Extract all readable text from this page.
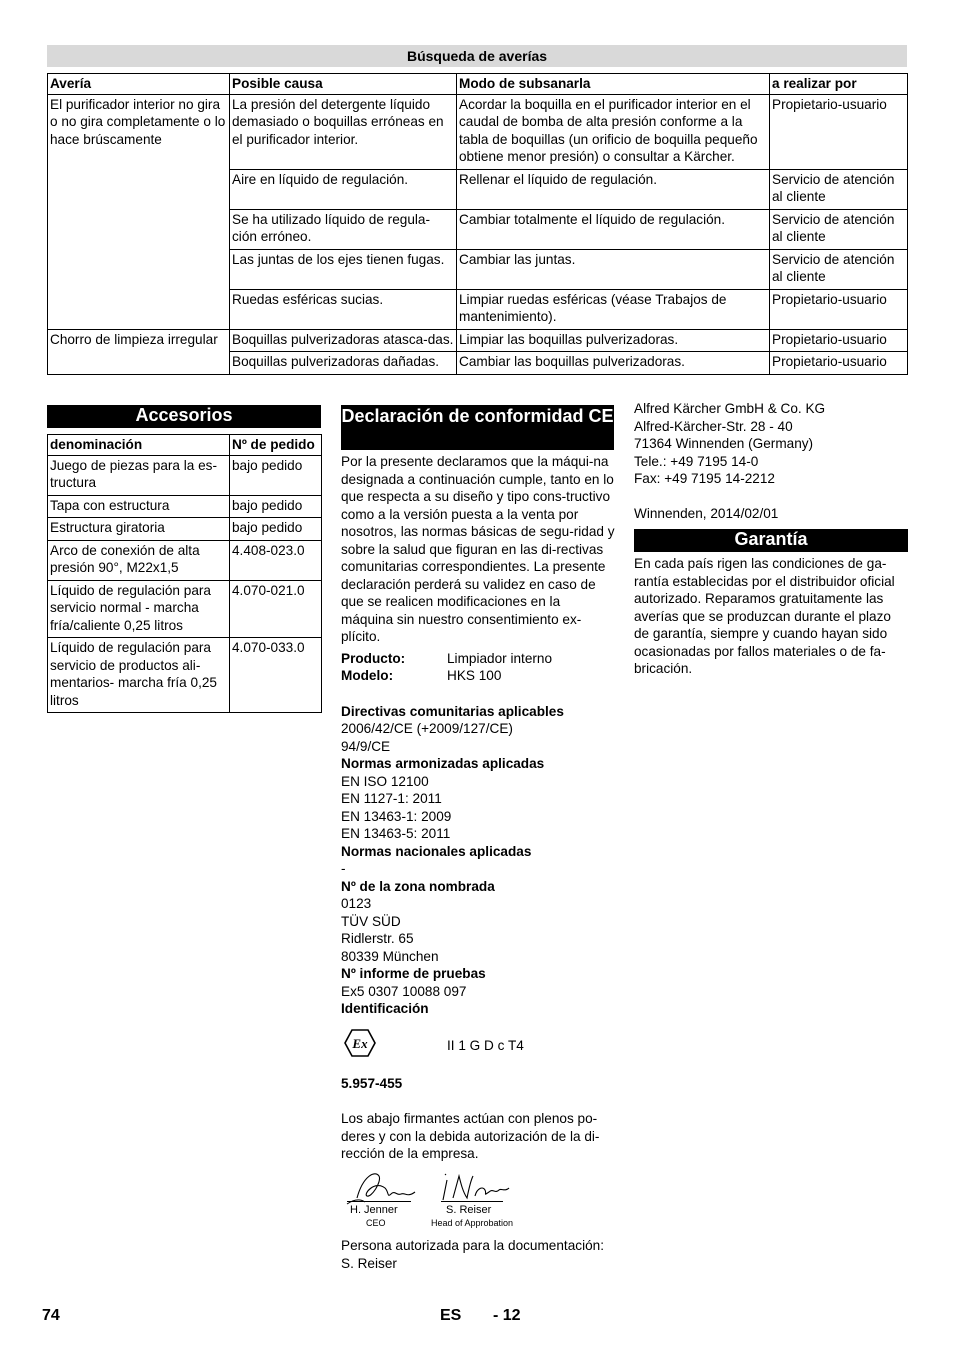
Búsqueda de averías
Avería	Posible causa	Modo de subsanarla	a realizar por
El purificador interior no gira o no gira completamente o lo hace brúscamente	La presión del detergente líquido demasiado o boquillas erróneas en el purificador interior.	Acordar la boquilla en el purificador interior en el caudal de bomba de alta presión conforme a la tabla de boquillas (un orificio de boquilla pequeño obtiene menor presión) o consultar a Kärcher.	Propietario-usuario
	Aire en líquido de regulación.	Rellenar el líquido de regulación.	Servicio de atención al cliente
	Se ha utilizado líquido de regula-ción erróneo.	Cambiar totalmente el líquido de regulación.	Servicio de atención al cliente
	Las juntas de los ejes tienen fugas.	Cambiar las juntas.	Servicio de atención al cliente
	Ruedas esféricas sucias.	Limpiar ruedas esféricas (véase Trabajos de mantenimiento).	Propietario-usuario
Chorro de limpieza irregular	Boquillas pulverizadoras atasca-das.	Limpiar las boquillas pulverizadoras.	Propietario-usuario
	Boquillas pulverizadoras dañadas.	Cambiar las boquillas pulverizadoras.	Propietario-usuario
Accesorios
denominación	Nº de pedido
Juego de piezas para la es-tructura	bajo pedido
Tapa con estructura	bajo pedido
Estructura giratoria	bajo pedido
Arco de conexión de alta presión 90°, M22x1,5	4.408-023.0
Líquido de regulación para servicio normal - marcha fría/caliente 0,25 litros	4.070-021.0
Líquido de regulación para servicio de productos ali-mentarios- marcha fría 0,25 litros	4.070-033.0
Declaración de conformidad CE

Por la presente declaramos que la máqui-na designada a continuación cumple, tanto en lo que respecta a su diseño y tipo cons-tructivo como a la versión puesta a la venta por nosotros, las normas básicas de segu-ridad y sobre la salud que figuran en las di-rectivas comunitarias correspondientes. La presente declaración perderá su validez en caso de que se realicen modificaciones en la máquina sin nuestro consentimiento ex-plícito.

Producto:	Limpiador interno
Modelo:	HKS 100

Directivas comunitarias aplicables

2006/42/CE (+2009/127/CE)

94/9/CE

Normas armonizadas aplicadas

EN ISO 12100

EN 1127-1: 2011

EN 13463-1: 2009

EN 13463-5: 2011

Normas nacionales aplicadas

-

Nº de la zona nombrada

0123

TÜV SÜD

Ridlerstr. 65

80339 München

Nº informe de pruebas

Ex5 0307 10088 097

Identificación

Ex	II 1 G D c T4
5.957-455
Los abajo firmantes actúan con plenos po-deres y con la debida autorización de la di-rección de la empresa.
H. Jenner
CEO
S. Reiser
Head of Approbation

Persona autorizada para la documentación:

S. Reiser

Alfred Kärcher GmbH & Co. KG

Alfred-Kärcher-Str. 28 - 40

71364 Winnenden (Germany)

Tele.: +49 7195 14-0

Fax: +49 7195 14-2212

Winnenden, 2014/02/01

Garantía
En cada país rigen las condiciones de ga-rantía establecidas por el distribuidor oficial autorizado. Reparamos gratuitamente las averías que se produzcan durante el plazo de garantía, siempre y cuando hayan sido ocasionadas por fallos materiales o de fa-bricación.
74	ES - 12
